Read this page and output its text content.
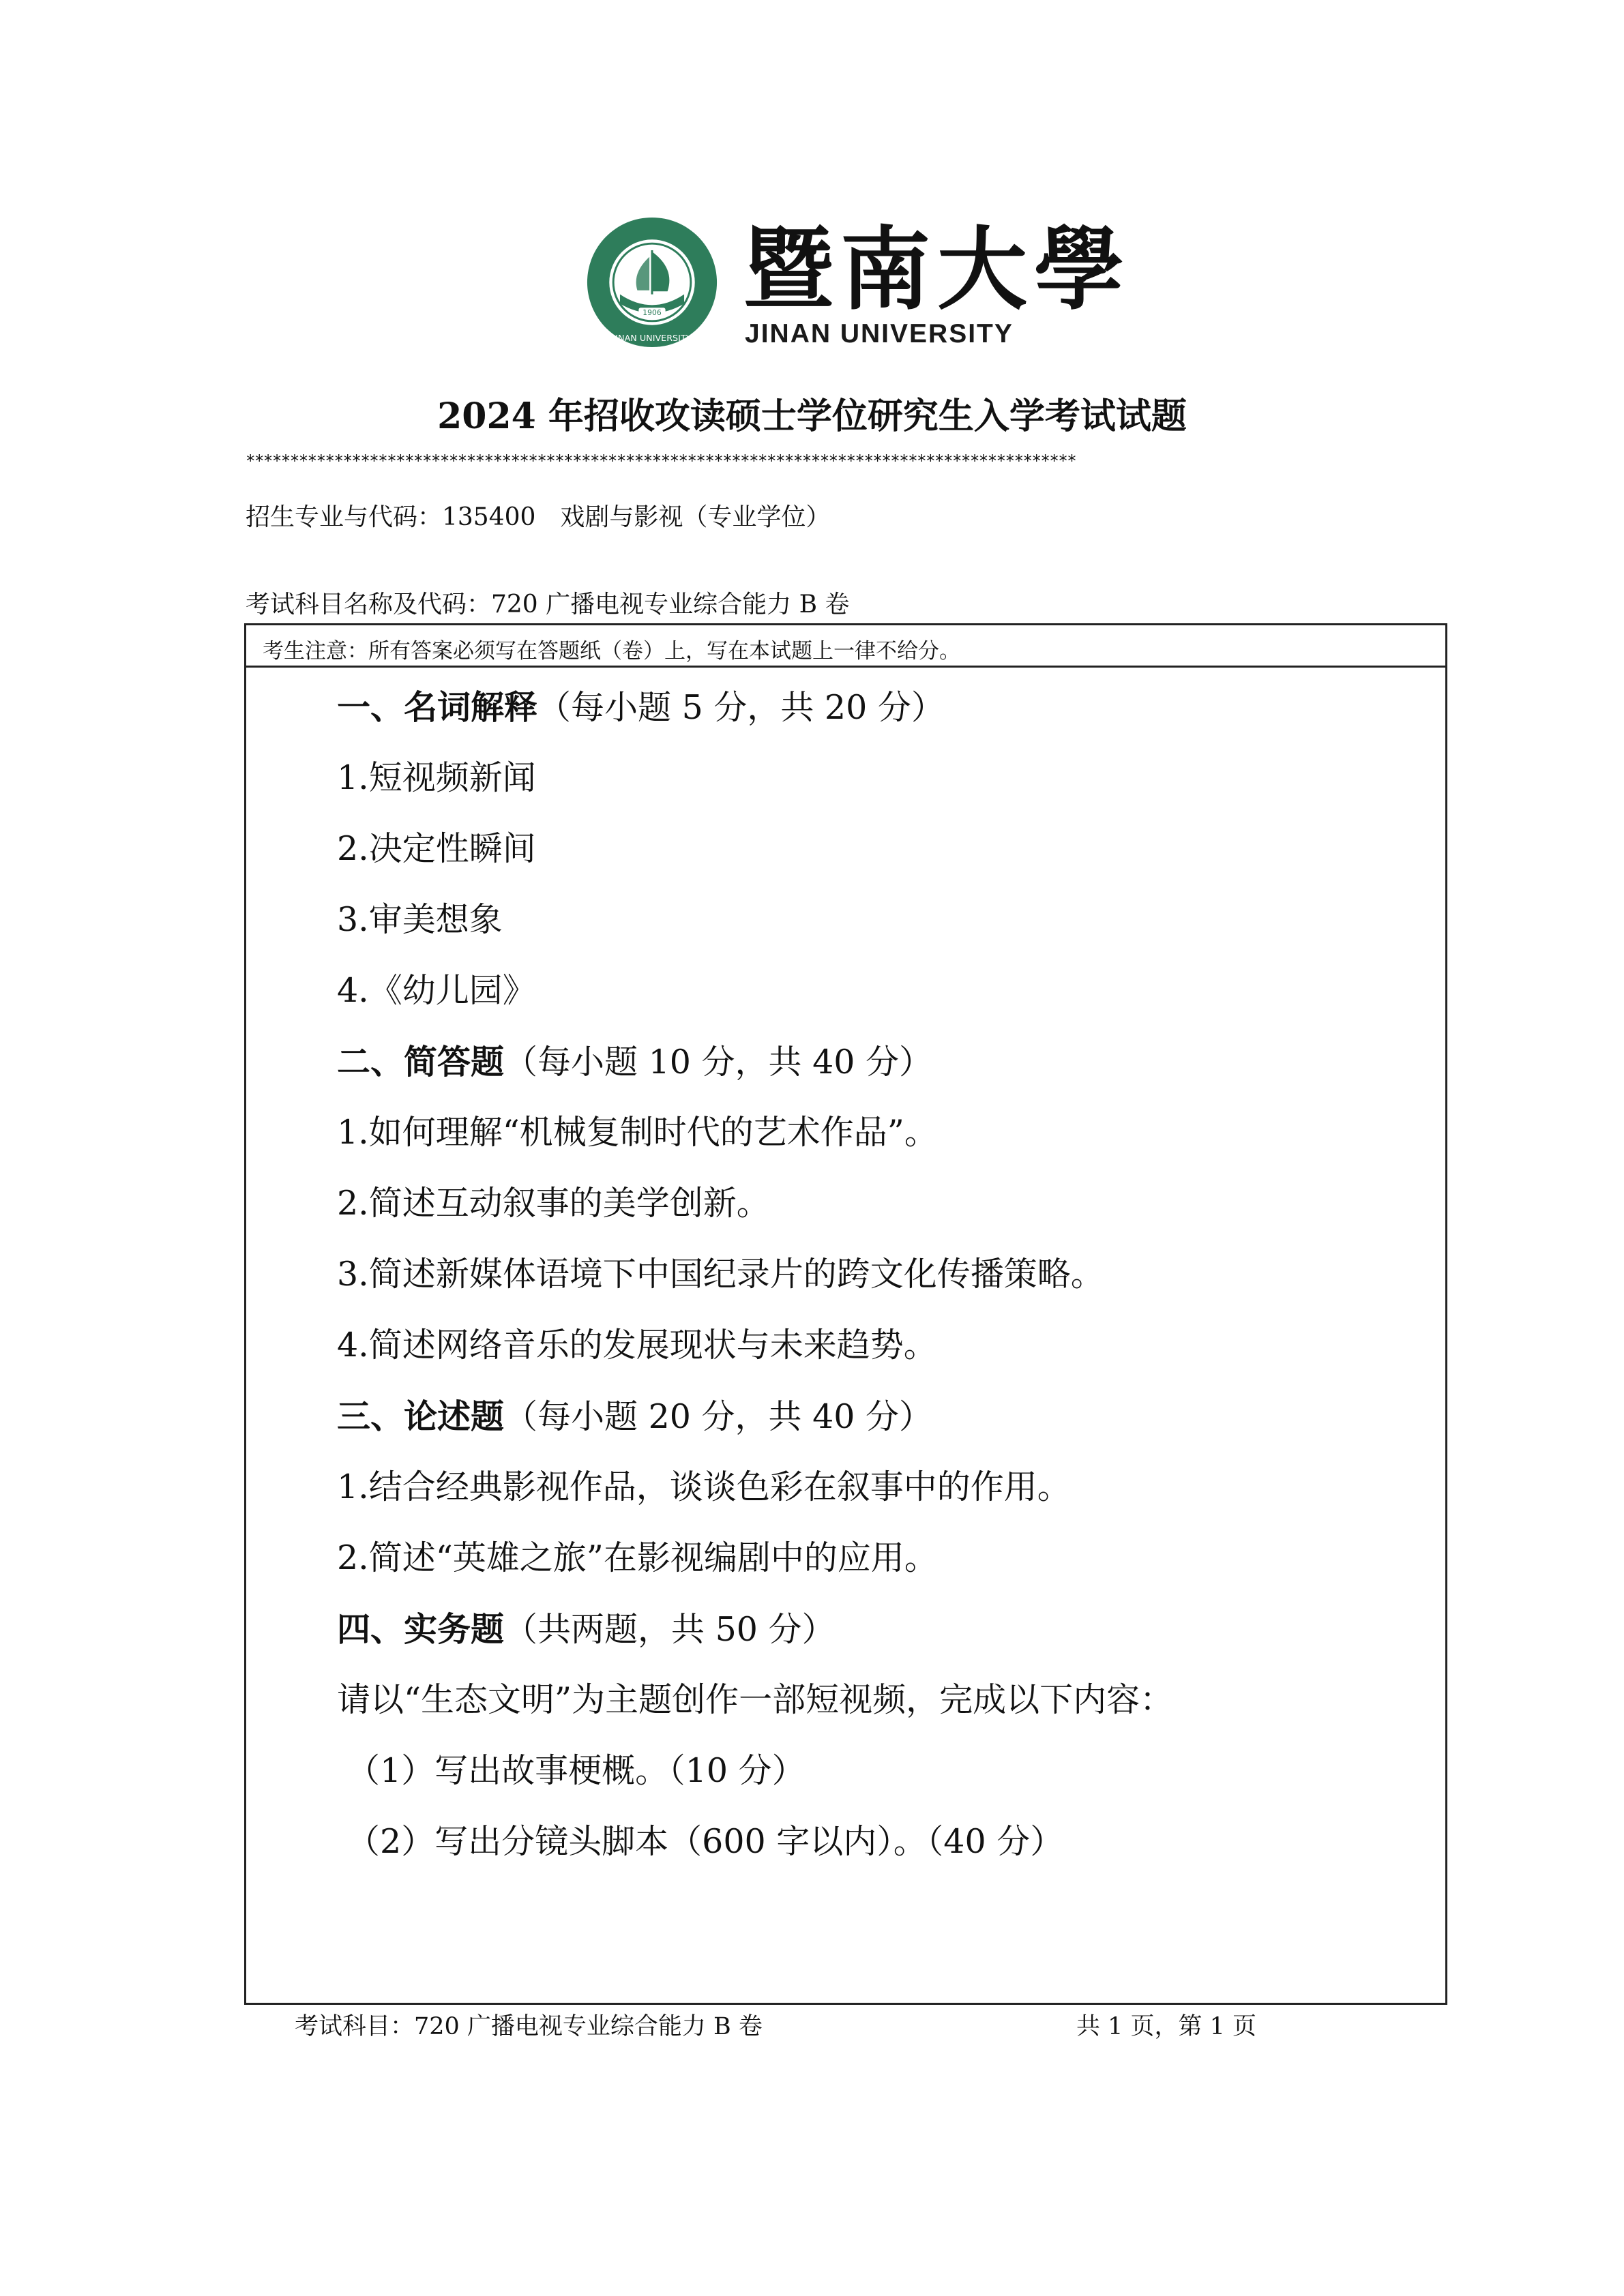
1906
JINAN UNIVERSITY
暨南大學
JINAN UNIVERSITY
2024 年招收攻读硕士学位研究生入学考试试题
**********************************************************************************************
招生专业与代码：135400　戏剧与影视（专业学位）
考试科目名称及代码：720 广播电视专业综合能力 B 卷
考生注意：所有答案必须写在答题纸（卷）上，写在本试题上一律不给分。
一、名词解释（每小题 5 分，共 20 分）
1.短视频新闻
2.决定性瞬间
3.审美想象
4.《幼儿园》
二、简答题（每小题 10 分，共 40 分）
1.如何理解“机械复制时代的艺术作品”。
2.简述互动叙事的美学创新。
3.简述新媒体语境下中国纪录片的跨文化传播策略。
4.简述网络音乐的发展现状与未来趋势。
三、论述题（每小题 20 分，共 40 分）
1.结合经典影视作品，谈谈色彩在叙事中的作用。
2.简述“英雄之旅”在影视编剧中的应用。
四、实务题（共两题，共 50 分）
请以“生态文明”为主题创作一部短视频，完成以下内容：
（1）写出故事梗概。（10 分）
（2）写出分镜头脚本（600 字以内）。（40 分）
考试科目：720 广播电视专业综合能力 B 卷	共 1 页，第 1 页
